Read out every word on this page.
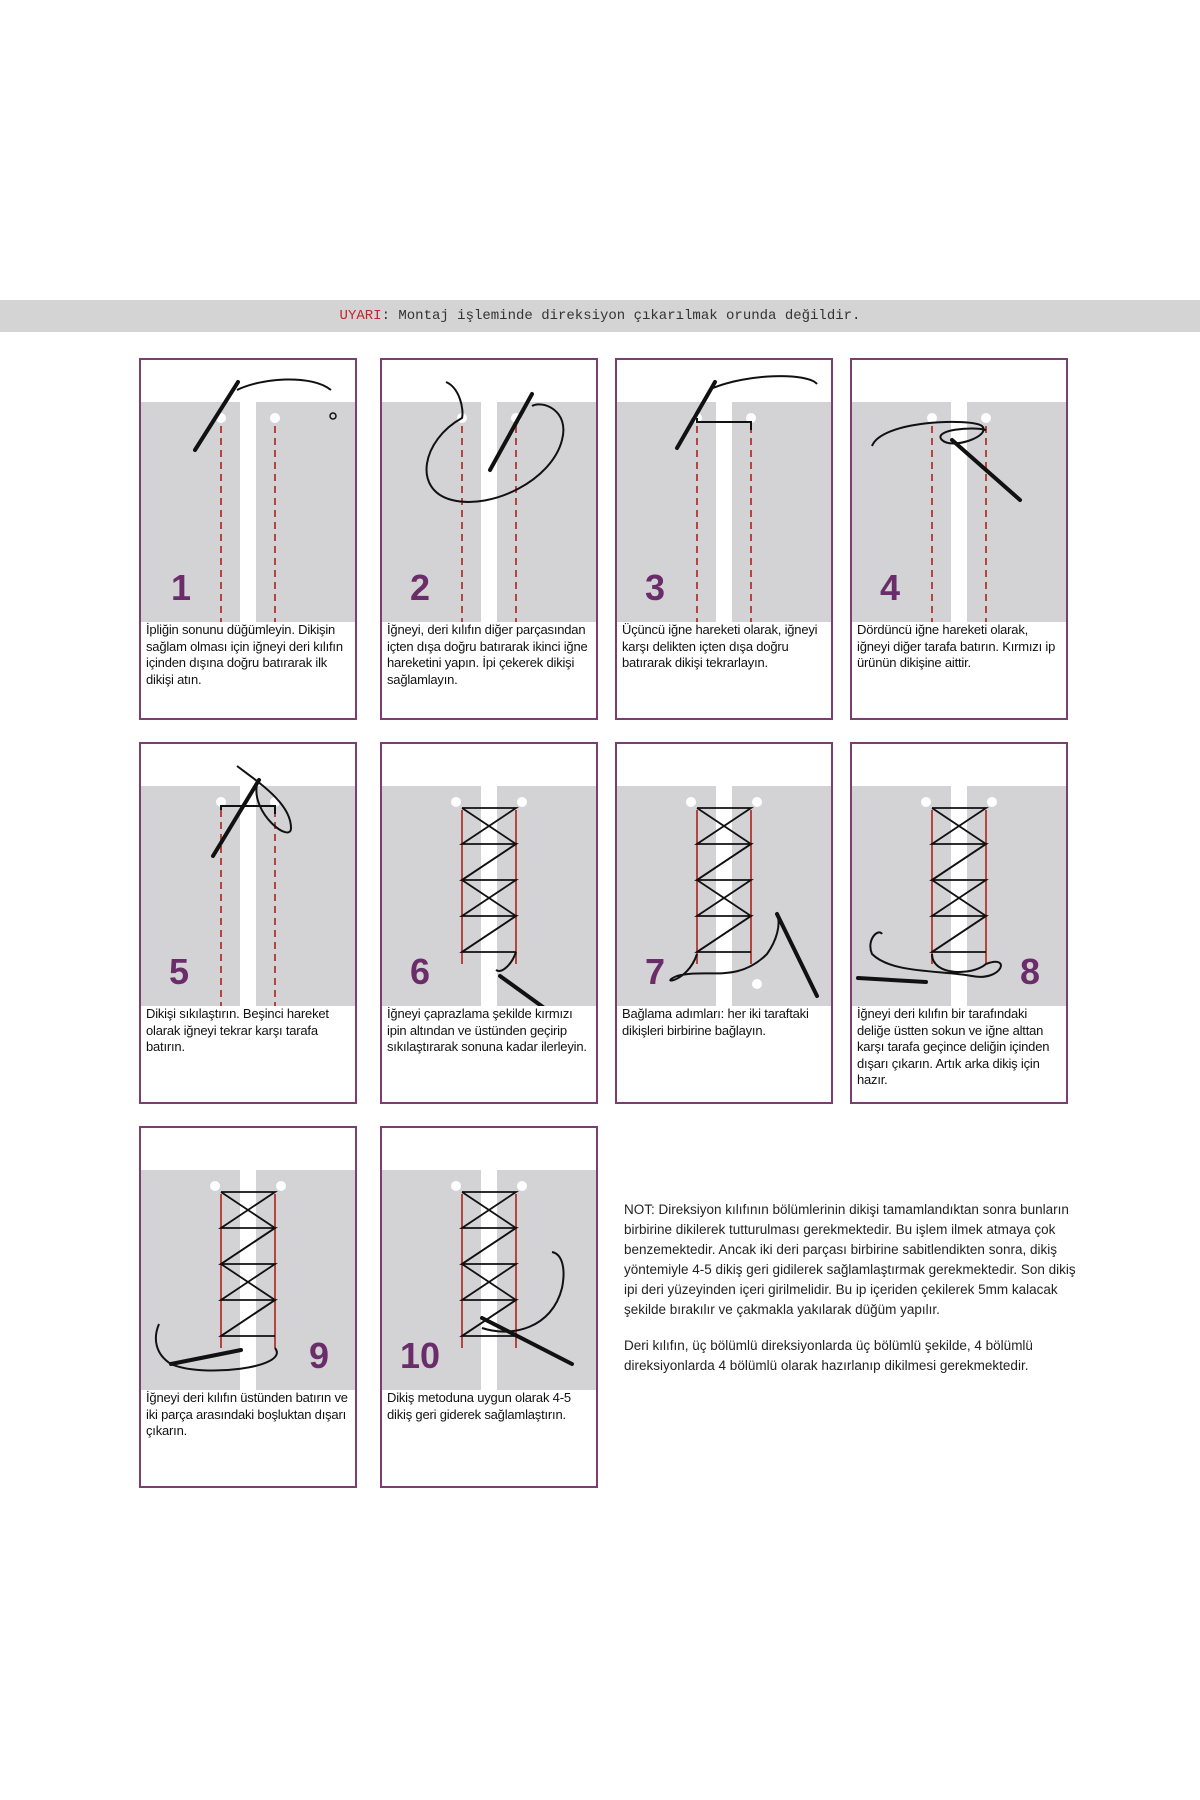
UYARI : Montaj işleminde direksiyon çıkarılmak orunda değildir.
1
İpliğin sonunu düğümleyin. Dikişin sağlam olması için iğneyi deri kılıfın içinden dışına doğru batırarak ilk dikişi atın.
2
İğneyi, deri kılıfın diğer parçasından içten dışa doğru batırarak ikinci iğne hareketini yapın. İpi çekerek dikişi sağlamlayın.
3
Üçüncü iğne hareketi olarak, iğneyi karşı delikten içten dışa doğru batırarak dikişi tekrarlayın.
4
Dördüncü iğne hareketi olarak, iğneyi diğer tarafa batırın. Kırmızı ip ürünün dikişine aittir.
5
Dikişi sıkılaştırın. Beşinci hareket olarak iğneyi tekrar karşı tarafa batırın.
6
İğneyi çaprazlama şekilde kırmızı ipin altından ve üstünden geçirip sıkılaştırarak sonuna kadar ilerleyin.
7
Bağlama adımları: her iki taraftaki dikişleri birbirine bağlayın.
8
İğneyi deri kılıfın bir tarafındaki deliğe üstten sokun ve iğne alttan karşı tarafa geçince deliğin içinden dışarı çıkarın. Artık arka dikiş için hazır.
9
İğneyi deri kılıfın üstünden batırın ve iki parça arasındaki boşluktan dışarı çıkarın.
10
Dikiş metoduna uygun olarak 4-5 dikiş geri giderek sağlamlaştırın.

NOT: Direksiyon kılıfının bölümlerinin dikişi tamamlandıktan sonra bunların birbirine dikilerek tutturulması gerekmektedir. Bu işlem ilmek atmaya çok benzemektedir. Ancak iki deri parçası birbirine sabitlendikten sonra, dikiş yöntemiyle 4-5 dikiş geri gidilerek sağlamlaştırmak gerekmektedir. Son dikiş ipi deri yüzeyinden içeri girilmelidir. Bu ip içeriden çekilerek 5mm kalacak şekilde bırakılır ve çakmakla yakılarak düğüm yapılır.

Deri kılıfın, üç bölümlü direksiyonlarda üç bölümlü şekilde, 4 bölümlü direksiyonlarda 4 bölümlü olarak hazırlanıp dikilmesi gerekmektedir.
